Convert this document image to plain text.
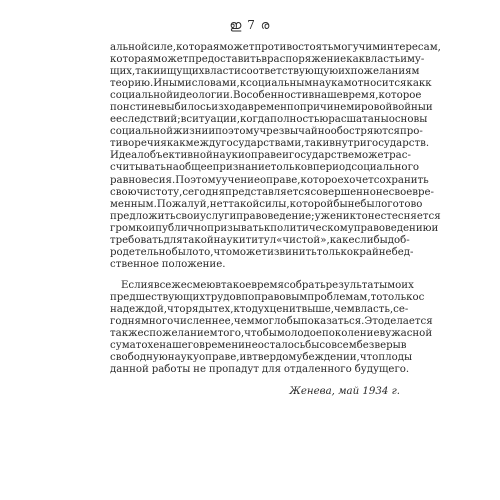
ഇ 7 ര
альной силе, которая может противостоять могучим интересам,
которая может предоставить в распоряжение как власть иму-
щих, так и ищущих власти соответствующую их пожеланиям
теорию. Иными словами, к социальным наукам относится как к
социальной идеологии. В особенности в наше время, которое
понстине выбилось из хода времен по причине мировой войны и
ее следствий; в ситуации, когда полностью расшатаны основы
социальной жизни и поэтому чрезвычайно обостряются про-
тиворечия как между государствами, так и внутри государств.
Идеал объективной науки о праве и государстве может рас-
считывать на общее признание только в период социального
равновесия. Поэтому учение о праве, которое хочет сохранить
свою чистоту, сегодня представляется совершенно несвоевре-
менным. Пожалуй, нет такой силы, которой бы не было готово
предложить свои услуги правоведение; уже никто не стесняется
громко и публично призывать к политическому правоведению и
требовать для такой науки титул «чистой», как если бы доб-
родетельно было то, что может извинить только крайне бед-
ственное положение.
Если я все же смею в такое время собрать результаты моих
предшествующих трудов по правовым проблемам, то только с
надеждой, что ряды тех, кто дух ценит выше, чем власть, се-
годня многочисленнее, чем могло бы показаться. Это делается
также с пожеланием того, чтобы молодое поколение в ужасной
суматохе нашего времени не осталось бы совсем без веры в
свободную науку о праве, и в твердом убеждении, что плоды
данной работы не пропадут для отдаленного будущего.
Женева, май 1934 г.
